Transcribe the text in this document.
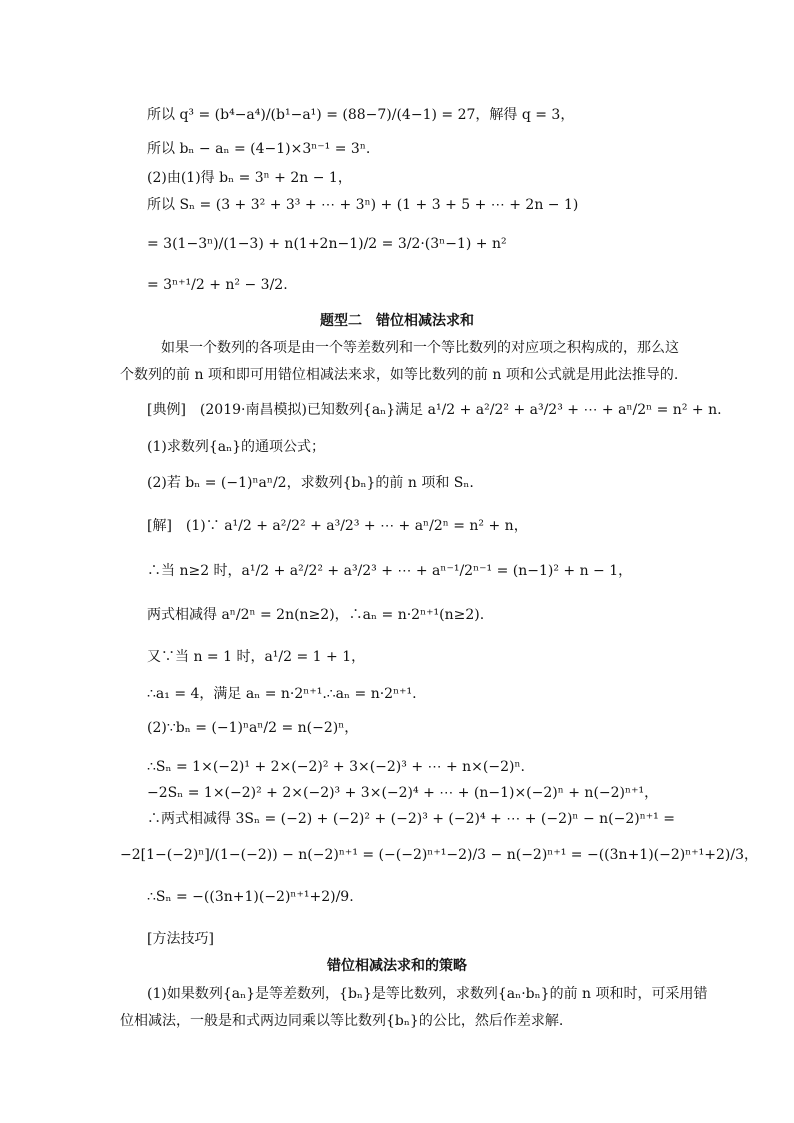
所以 q³ = (b⁴−a⁴)/(b¹−a¹) = (88−7)/(4−1) = 27，解得 q = 3，
所以 bₙ − aₙ = (4−1)×3ⁿ⁻¹ = 3ⁿ.
(2)由(1)得 bₙ = 3ⁿ + 2n − 1，
所以 Sₙ = (3 + 3² + 3³ + ⋯ + 3ⁿ) + (1 + 3 + 5 + ⋯ + 2n − 1)
= 3(1−3ⁿ)/(1−3) + n(1+2n−1)/2 = 3/2·(3ⁿ−1) + n²
= 3ⁿ⁺¹/2 + n² − 3/2.
题型二　错位相减法求和
　如果一个数列的各项是由一个等差数列和一个等比数列的对应项之积构成的，那么这
个数列的前 n 项和即可用错位相减法来求，如等比数列的前 n 项和公式就是用此法推导的.
[典例]　(2019·南昌模拟)已知数列{aₙ}满足 a¹/2 + a²/2² + a³/2³ + ⋯ + aⁿ/2ⁿ = n² + n.
(1)求数列{aₙ}的通项公式；
(2)若 bₙ = (−1)ⁿaⁿ/2，求数列{bₙ}的前 n 项和 Sₙ.
[解]　(1)∵ a¹/2 + a²/2² + a³/2³ + ⋯ + aⁿ/2ⁿ = n² + n，
∴当 n≥2 时，a¹/2 + a²/2² + a³/2³ + ⋯ + aⁿ⁻¹/2ⁿ⁻¹ = (n−1)² + n − 1，
两式相减得 aⁿ/2ⁿ = 2n(n≥2)，∴aₙ = n·2ⁿ⁺¹(n≥2).
又∵当 n = 1 时，a¹/2 = 1 + 1，
∴a₁ = 4，满足 aₙ = n·2ⁿ⁺¹.∴aₙ = n·2ⁿ⁺¹.
(2)∵bₙ = (−1)ⁿaⁿ/2 = n(−2)ⁿ，
∴Sₙ = 1×(−2)¹ + 2×(−2)² + 3×(−2)³ + ⋯ + n×(−2)ⁿ.
−2Sₙ = 1×(−2)² + 2×(−2)³ + 3×(−2)⁴ + ⋯ + (n−1)×(−2)ⁿ + n(−2)ⁿ⁺¹，
∴两式相减得 3Sₙ = (−2) + (−2)² + (−2)³ + (−2)⁴ + ⋯ + (−2)ⁿ − n(−2)ⁿ⁺¹ =
−2[1−(−2)ⁿ]/(1−(−2)) − n(−2)ⁿ⁺¹ = (−(−2)ⁿ⁺¹−2)/3 − n(−2)ⁿ⁺¹ = −((3n+1)(−2)ⁿ⁺¹+2)/3，
∴Sₙ = −((3n+1)(−2)ⁿ⁺¹+2)/9.
[方法技巧]
错位相减法求和的策略
(1)如果数列{aₙ}是等差数列，{bₙ}是等比数列，求数列{aₙ·bₙ}的前 n 项和时，可采用错
位相减法，一般是和式两边同乘以等比数列{bₙ}的公比，然后作差求解.
